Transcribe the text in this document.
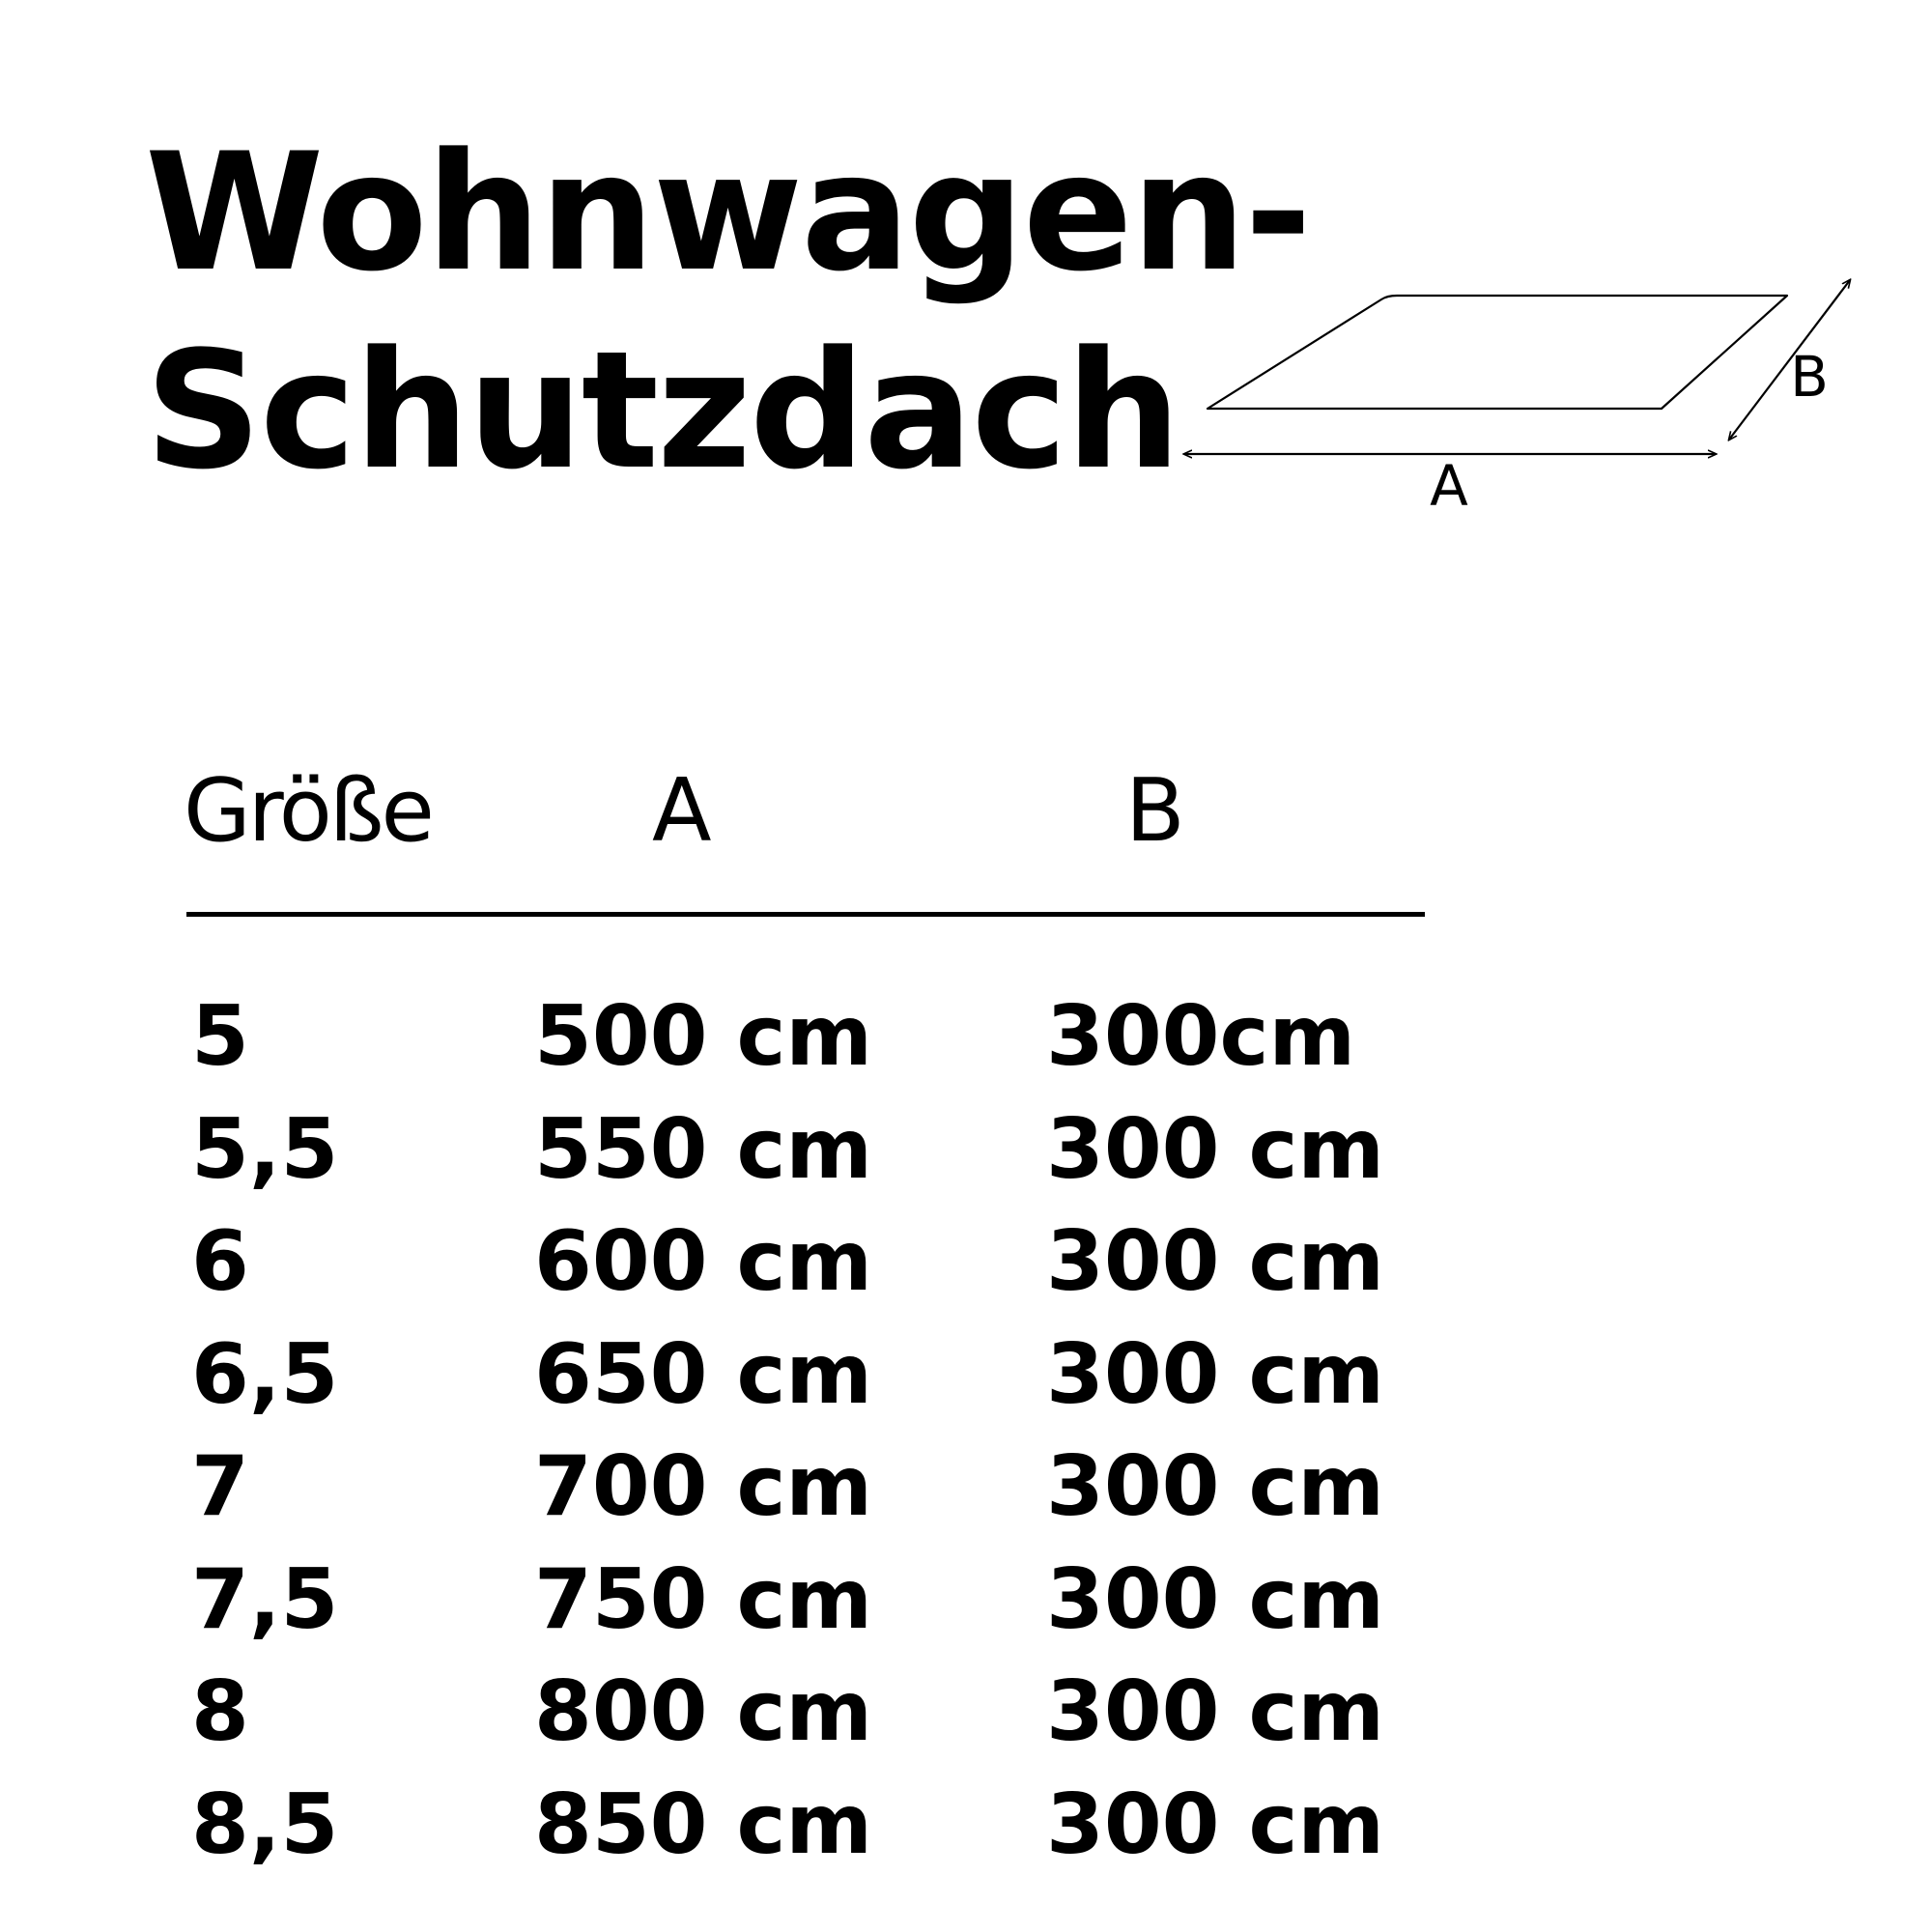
Wohnwagen-
Schutzdach	A
B
Größe	A	B
5	500 cm 300cm
5,5 550 cm 300 cm
6	600 cm 300 cm
6,5 650 cm 300 cm
7	700 cm 300 cm
7,5 750 cm 300 cm
8	800 cm 300 cm
8,5 850 cm 300 cm
